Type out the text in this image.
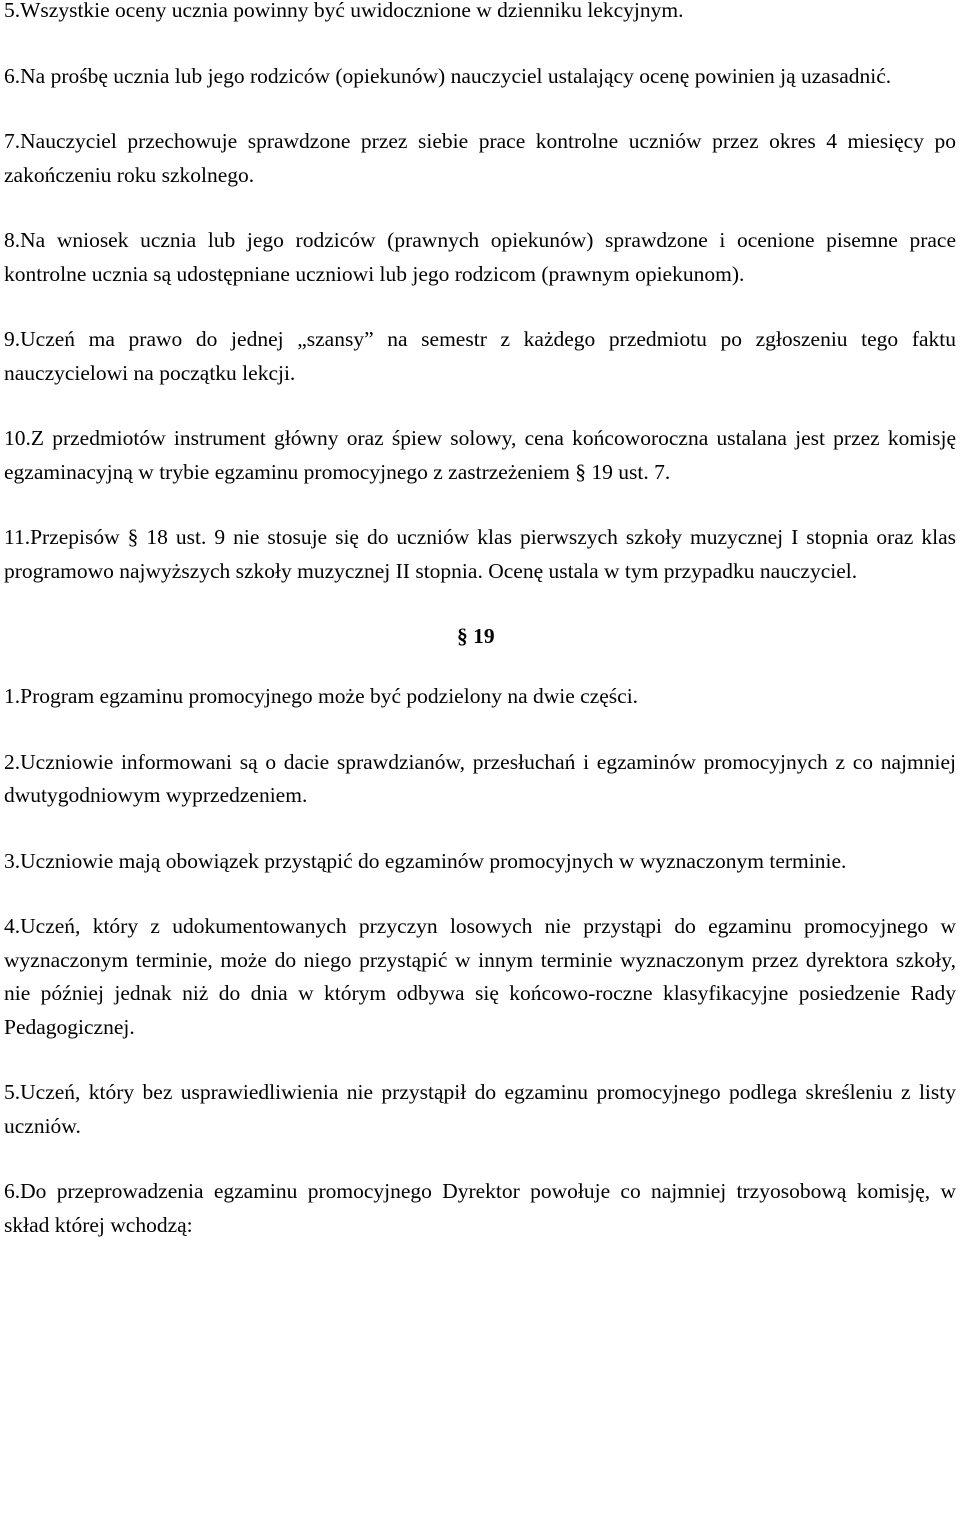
5.Wszystkie oceny ucznia powinny być uwidocznione w dzienniku lekcyjnym.

6.Na prośbę ucznia lub jego rodziców (opiekunów) nauczyciel ustalający ocenę powinien ją uzasadnić.

7.Nauczyciel przechowuje sprawdzone przez siebie prace kontrolne uczniów przez okres 4 miesięcy po zakończeniu roku szkolnego.

8.Na wniosek ucznia lub jego rodziców (prawnych opiekunów) sprawdzone i ocenione pisemne prace kontrolne ucznia są udostępniane uczniowi lub jego rodzicom (prawnym opiekunom).

9.Uczeń ma prawo do jednej „szansy” na semestr z każdego przedmiotu po zgłoszeniu tego faktu nauczycielowi na początku lekcji.

10.Z przedmiotów instrument główny oraz śpiew solowy, cena końcoworoczna ustalana jest przez komisję egzaminacyjną w trybie egzaminu promocyjnego z zastrzeżeniem § 19 ust. 7.

11.Przepisów § 18 ust. 9 nie stosuje się do uczniów klas pierwszych szkoły muzycznej I stopnia oraz klas programowo najwyższych szkoły muzycznej II stopnia. Ocenę ustala w tym przypadku nauczyciel.

§ 19

1.Program egzaminu promocyjnego może być podzielony na dwie części.

2.Uczniowie informowani są o dacie sprawdzianów, przesłuchań i egzaminów promocyjnych z co najmniej dwutygodniowym wyprzedzeniem.

3.Uczniowie mają obowiązek przystąpić do egzaminów promocyjnych w wyznaczonym terminie.

4.Uczeń, który z udokumentowanych przyczyn losowych nie przystąpi do egzaminu promocyjnego w wyznaczonym terminie, może do niego przystąpić w innym terminie wyznaczonym przez dyrektora szkoły, nie później jednak niż do dnia w którym odbywa się końcowo-roczne klasyfikacyjne posiedzenie Rady Pedagogicznej.

5.Uczeń, który bez usprawiedliwienia nie przystąpił do egzaminu promocyjnego podlega skreśleniu z listy uczniów.

6.Do przeprowadzenia egzaminu promocyjnego Dyrektor powołuje co najmniej trzyosobową komisję, w skład której wchodzą:
